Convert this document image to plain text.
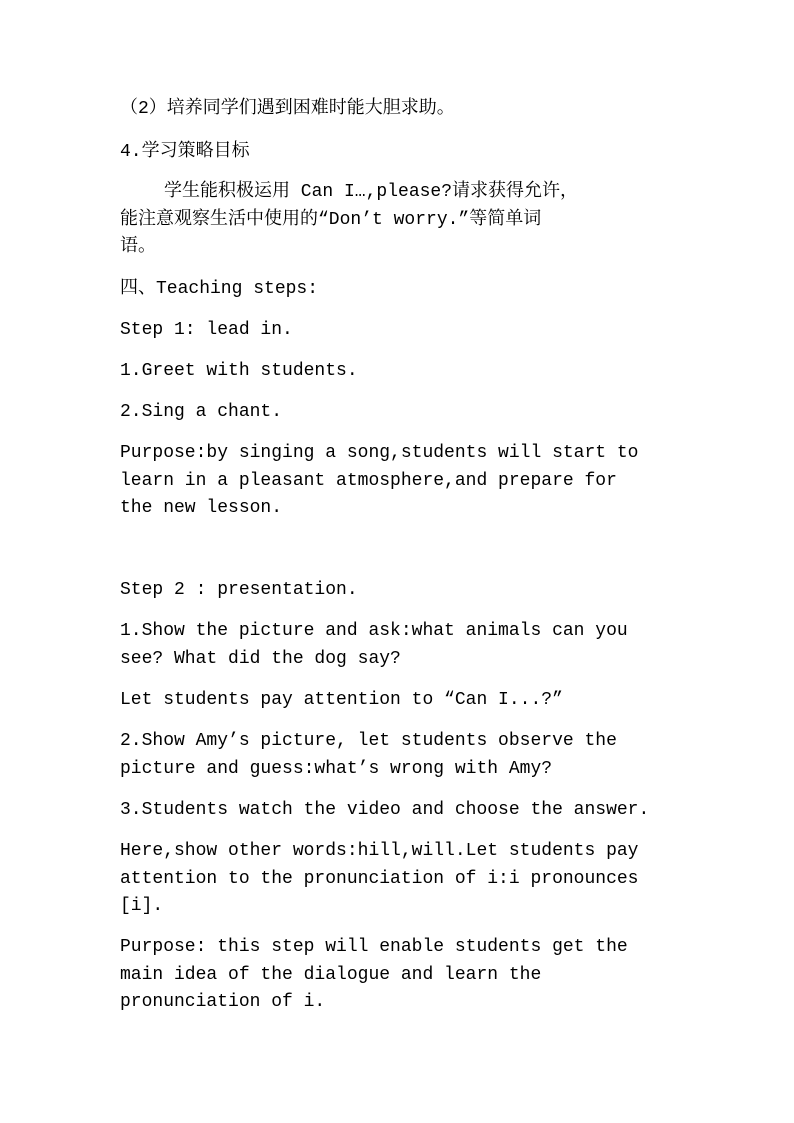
（2）培养同学们遇到困难时能大胆求助。
4.学习策略目标
学生能积极运用 Can I…,please?请求获得允许，
能注意观察生活中使用的“Don’t worry.”等简单词
语。
四、Teaching steps:
Step 1: lead in.
1.Greet with students.
2.Sing a chant.
Purpose:by singing a song,students will start to
learn in a pleasant atmosphere,and prepare for
the new lesson.
Step 2 : presentation.
1.Show the picture and ask:what animals can you
see? What did the dog say?
Let students pay attention to “Can I...?”
2.Show Amy’s picture, let students observe the
picture and guess:what’s wrong with Amy?
3.Students watch the video and choose the answer.
Here,show other words:hill,will.Let students pay
attention to the pronunciation of i:i pronounces
[i].
Purpose: this step will enable students get the
main idea of the dialogue and learn the
pronunciation of i.
